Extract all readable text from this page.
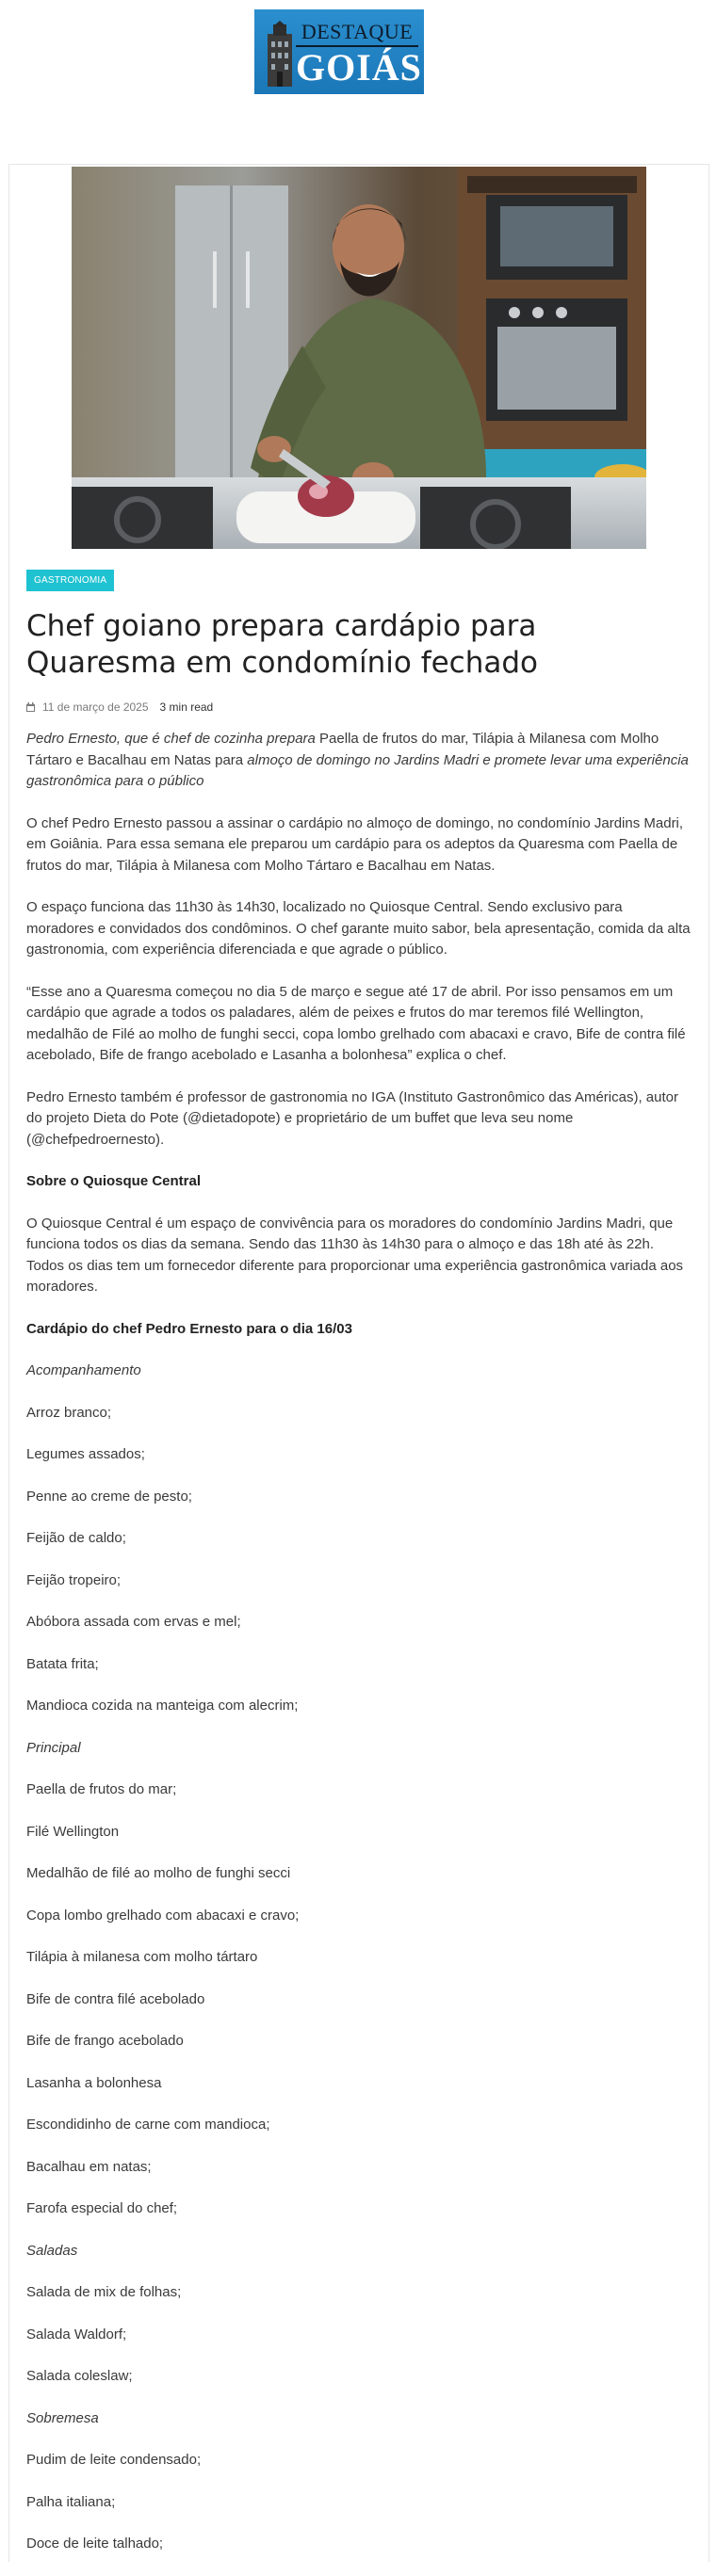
DESTAQUE
GOIÁS
GASTRONOMIA
Chef goiano prepara cardápio para Quaresma em condomínio fechado
11 de março de 2025 3 min read

Pedro Ernesto, que é chef de cozinha prepara Paella de frutos do mar, Tilápia à Milanesa com Molho Tártaro e Bacalhau em Natas para almoço de domingo no Jardins Madri e promete levar uma experiência gastronômica para o público

O chef Pedro Ernesto passou a assinar o cardápio no almoço de domingo, no condomínio Jardins Madri, em Goiânia. Para essa semana ele preparou um cardápio para os adeptos da Quaresma com Paella de frutos do mar, Tilápia à Milanesa com Molho Tártaro e Bacalhau em Natas.

O espaço funciona das 11h30 às 14h30, localizado no Quiosque Central. Sendo exclusivo para moradores e convidados dos condôminos. O chef garante muito sabor, bela apresentação, comida da alta gastronomia, com experiência diferenciada e que agrade o público.

“Esse ano a Quaresma começou no dia 5 de março e segue até 17 de abril. Por isso pensamos em um cardápio que agrade a todos os paladares, além de peixes e frutos do mar teremos filé Wellington, medalhão de Filé ao molho de funghi secci, copa lombo grelhado com abacaxi e cravo, Bife de contra filé acebolado, Bife de frango acebolado e Lasanha a bolonhesa” explica o chef.

Pedro Ernesto também é professor de gastronomia no IGA (Instituto Gastronômico das Américas), autor do projeto Dieta do Pote (@dietadopote) e proprietário de um buffet que leva seu nome (@chefpedroernesto).

Sobre o Quiosque Central

O Quiosque Central é um espaço de convivência para os moradores do condomínio Jardins Madri, que funciona todos os dias da semana. Sendo das 11h30 às 14h30 para o almoço e das 18h até às 22h. Todos os dias tem um fornecedor diferente para proporcionar uma experiência gastronômica variada aos moradores.

Cardápio do chef Pedro Ernesto para o dia 16/03

Acompanhamento

Arroz branco;

Legumes assados;

Penne ao creme de pesto;

Feijão de caldo;

Feijão tropeiro;

Abóbora assada com ervas e mel;

Batata frita;

Mandioca cozida na manteiga com alecrim;

Principal

Paella de frutos do mar;

Filé Wellington

Medalhão de filé ao molho de funghi secci

Copa lombo grelhado com abacaxi e cravo;

Tilápia à milanesa com molho tártaro

Bife de contra filé acebolado

Bife de frango acebolado

Lasanha a bolonhesa

Escondidinho de carne com mandioca;

Bacalhau em natas;

Farofa especial do chef;

Saladas

Salada de mix de folhas;

Salada Waldorf;

Salada coleslaw;

Sobremesa

Pudim de leite condensado;

Palha italiana;

Doce de leite talhado;
